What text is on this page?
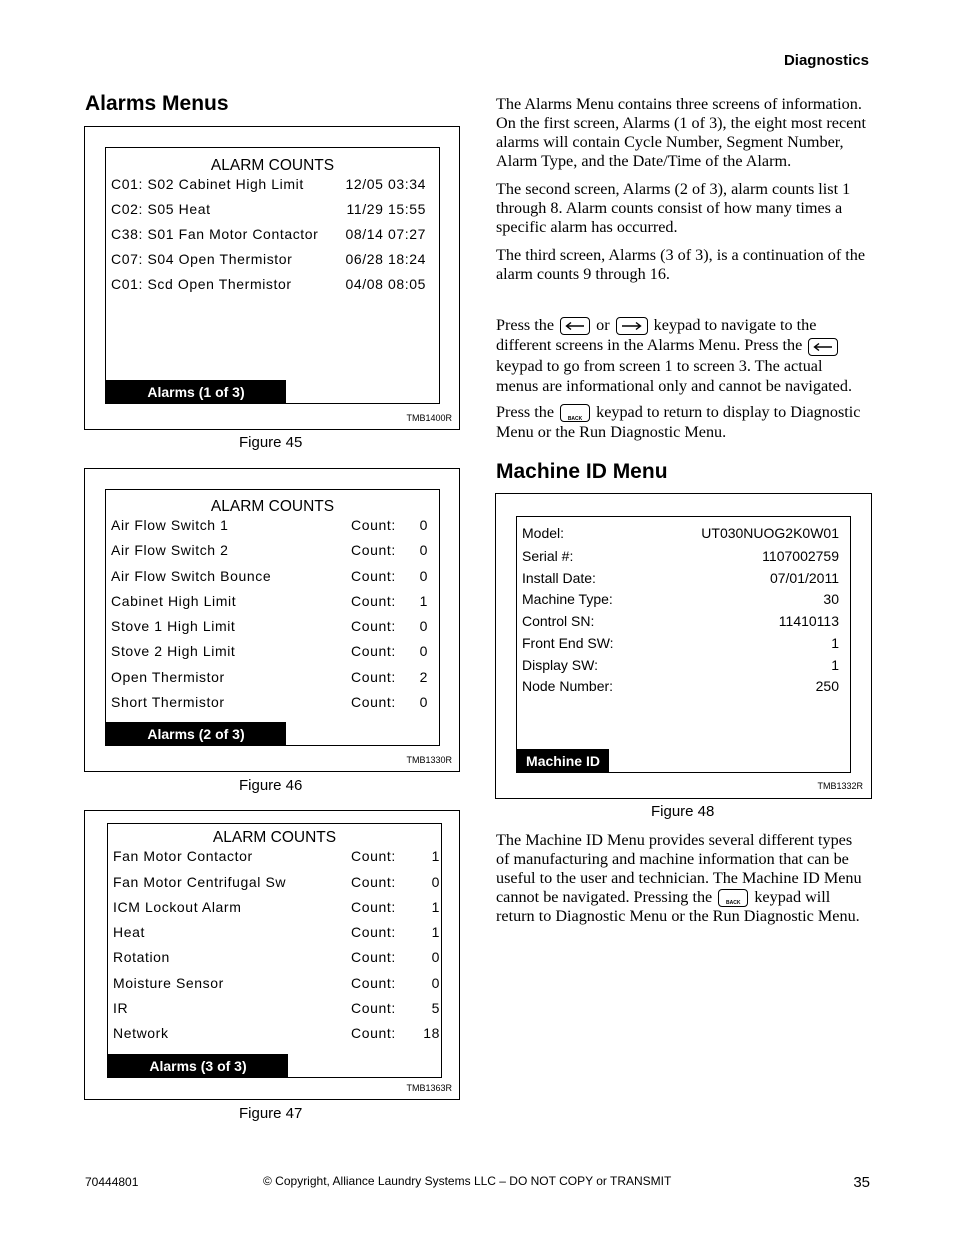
Diagnostics
Alarms Menus
ALARM COUNTS
C01: S02 Cabinet High Limit	12/05 03:34
C02: S05 Heat	11/29 15:55
C38: S01 Fan Motor Contactor 08/14 07:27
C07: S04 Open Thermistor	06/28 18:24
C01: Scd Open Thermistor	04/08 08:05
Alarms (1 of 3)
TMB1400R
Figure 45
ALARM COUNTS
Air Flow Switch 1	Count: 0
Air Flow Switch 2	Count: 0
Air Flow Switch Bounce	Count: 0
Cabinet High Limit	Count: 1
Stove 1 High Limit	Count: 0
Stove 2 High Limit	Count: 0
Open Thermistor	Count: 2
Short Thermistor	Count: 0
Alarms (2 of 3)
TMB1330R
Figure 46
ALARM COUNTS
Fan Motor Contactor	Count:	1
Fan Motor Centrifugal Sw	Count:	0
ICM Lockout Alarm	Count:	1
Heat	Count:	1
Rotation	Count:	0
Moisture Sensor	Count:	0
IR	Count:	5
Network	Count: 18
Alarms (3 of 3)
TMB1363R
Figure 47

The Alarms Menu contains three screens of information. On the first screen, Alarms (1 of 3), the eight most recent alarms will contain Cycle Number, Segment Number, Alarm Type, and the Date/Time of the Alarm.

The second screen, Alarms (2 of 3), alarm counts list 1 through 8. Alarm counts consist of how many times a specific alarm has occurred.

The third screen, Alarms (3 of 3), is a continuation of the alarm counts 9 through 16.

Press the	or	keypad to navigate to the different screens in the Alarms Menu. Press the
keypad to go from screen 1 to screen 3. The actual menus are informational only and cannot be navigated.

Press the	BACK keypad to return to display to Diagnostic Menu or the Run Diagnostic Menu.

Machine ID Menu
Model:	UT030NUOG2K0W01
Serial #:	1107002759
Install Date:	07/01/2011
Machine Type:	30
Control SN:	11410113
Front End SW:	1
Display SW:	1
Node Number:	250
Machine ID
TMB1332R
Figure 48

The Machine ID Menu provides several different types of manufacturing and machine information that can be useful to the user and technician. The Machine ID Menu cannot be navigated. Pressing the	BACK keypad will return to Diagnostic Menu or the Run Diagnostic Menu.

70444801	© Copyright, Alliance Laundry Systems LLC – DO NOT COPY or TRANSMIT	35
